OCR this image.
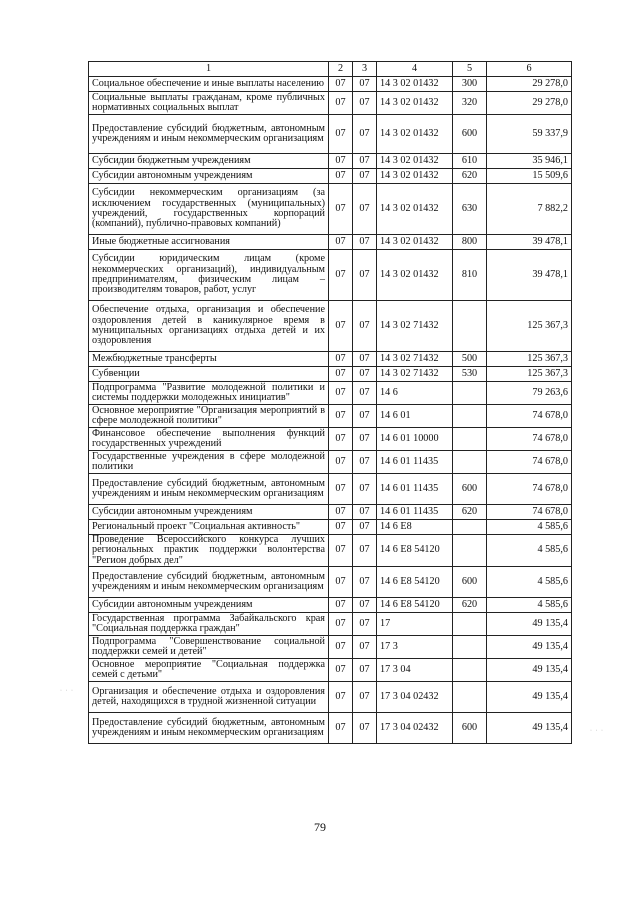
1	2	3	4	5	6
Социальное обеспечение и иные выплаты населению	07	07	14 3 02 01432	300	29 278,0
Социальные выплаты гражданам, кроме публичных нормативных социальных выплат	07	07	14 3 02 01432	320	29 278,0
Предоставление субсидий бюджетным, автономным учреждениям и иным некоммерческим организациям	07	07	14 3 02 01432	600	59 337,9
Субсидии бюджетным учреждениям	07	07	14 3 02 01432	610	35 946,1
Субсидии автономным учреждениям	07	07	14 3 02 01432	620	15 509,6
Субсидии некоммерческим организациям (за исключением государственных (муниципальных) учреждений, государственных корпораций (компаний), публично-правовых компаний)	07	07	14 3 02 01432	630	7 882,2
Иные бюджетные ассигнования	07	07	14 3 02 01432	800	39 478,1
Субсидии юридическим лицам (кроме некоммерческих организаций), индивидуальным предпринимателям, физическим лицам – производителям товаров, работ, услуг	07	07	14 3 02 01432	810	39 478,1
Обеспечение отдыха, организация и обеспечение оздоровления детей в каникулярное время в муниципальных организациях отдыха детей и их оздоровления	07	07	14 3 02 71432		125 367,3
Межбюджетные трансферты	07	07	14 3 02 71432	500	125 367,3
Субвенции	07	07	14 3 02 71432	530	125 367,3
Подпрограмма "Развитие молодежной политики и системы поддержки молодежных инициатив"	07	07	14 6		79 263,6
Основное мероприятие "Организация мероприятий в сфере молодежной политики"	07	07	14 6 01		74 678,0
Финансовое обеспечение выполнения функций государственных учреждений	07	07	14 6 01 10000		74 678,0
Государственные учреждения в сфере молодежной политики	07	07	14 6 01 11435		74 678,0
Предоставление субсидий бюджетным, автономным учреждениям и иным некоммерческим организациям	07	07	14 6 01 11435	600	74 678,0
Субсидии автономным учреждениям	07	07	14 6 01 11435	620	74 678,0
Региональный проект "Социальная активность"	07	07	14 6 E8		4 585,6
Проведение Всероссийского конкурса лучших региональных практик поддержки волонтерства "Регион добрых дел"	07	07	14 6 E8 54120		4 585,6
Предоставление субсидий бюджетным, автономным учреждениям и иным некоммерческим организациям	07	07	14 6 E8 54120	600	4 585,6
Субсидии автономным учреждениям	07	07	14 6 E8 54120	620	4 585,6
Государственная программа Забайкальского края "Социальная поддержка граждан"	07	07	17		49 135,4
Подпрограмма "Совершенствование социальной поддержки семей и детей"	07	07	17 3		49 135,4
Основное мероприятие "Социальная поддержка семей с детьми"	07	07	17 3 04		49 135,4
Организация и обеспечение отдыха и оздоровления детей, находящихся в трудной жизненной ситуации	07	07	17 3 04 02432		49 135,4
Предоставление субсидий бюджетным, автономным учреждениям и иным некоммерческим организациям	07	07	17 3 04 02432	600	49 135,4
79
· · ·
· · ·
